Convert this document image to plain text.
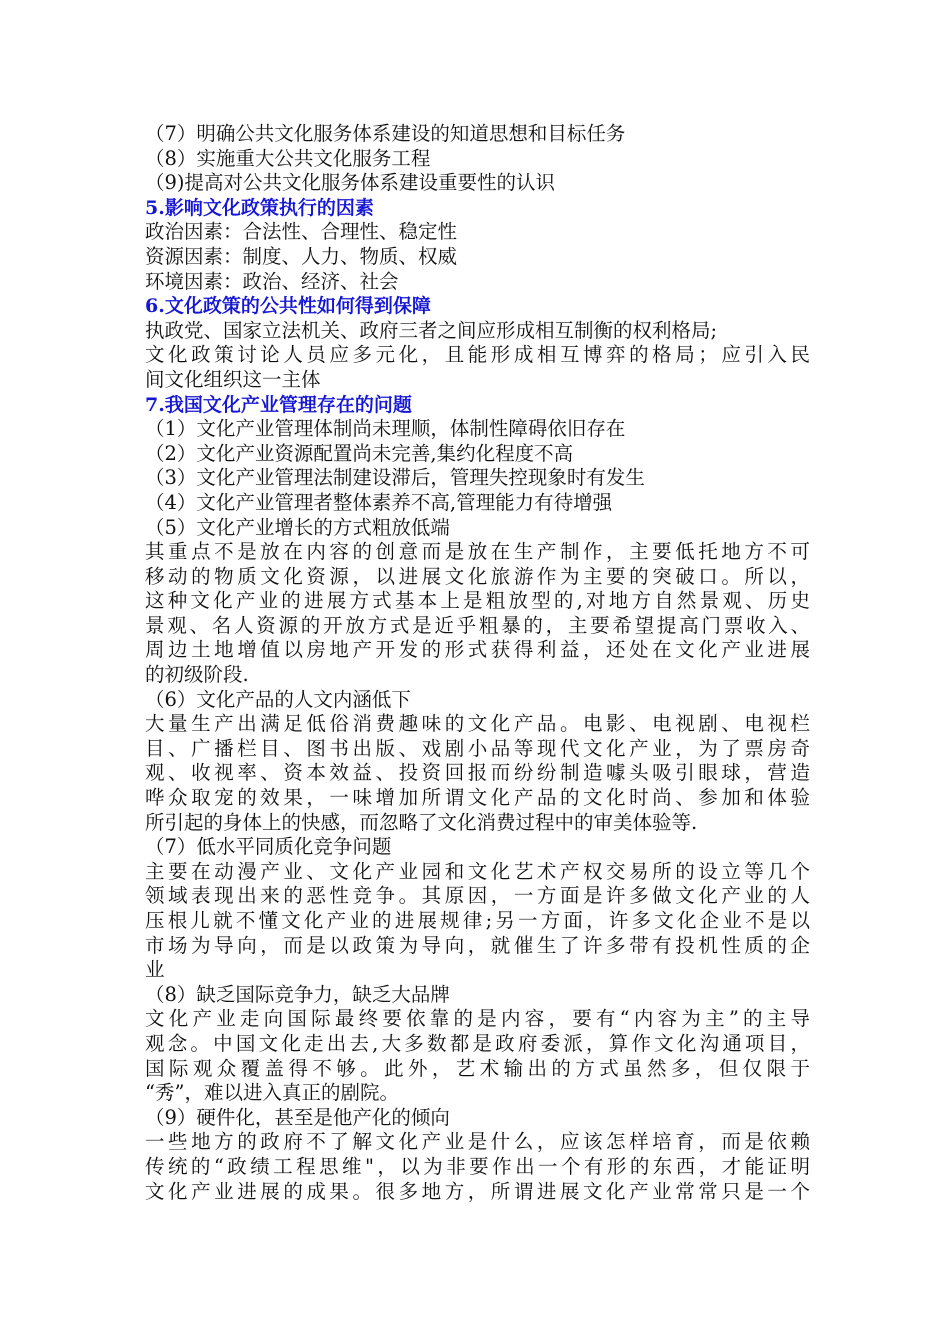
（7）明确公共文化服务体系建设的知道思想和目标任务
（8）实施重大公共文化服务工程
（9)提高对公共文化服务体系建设重要性的认识
5.影响文化政策执行的因素
政治因素：合法性、合理性、稳定性
资源因素：制度、人力、物质、权威
环境因素：政治、经济、社会
6.文化政策的公共性如何得到保障
执政党、国家立法机关、政府三者之间应形成相互制衡的权利格局;
文化政策讨论人员应多元化，且能形成相互博弈的格局；应引入民
间文化组织这一主体
7.我国文化产业管理存在的问题
（1）文化产业管理体制尚未理顺，体制性障碍依旧存在
（2）文化产业资源配置尚未完善,集约化程度不高
（3）文化产业管理法制建设滞后，管理失控现象时有发生
（4）文化产业管理者整体素养不高,管理能力有待增强
（5）文化产业增长的方式粗放低端
其重点不是放在内容的创意而是放在生产制作，主要低托地方不可
移动的物质文化资源，以进展文化旅游作为主要的突破口。所以，
这种文化产业的进展方式基本上是粗放型的,对地方自然景观、历史
景观、名人资源的开放方式是近乎粗暴的，主要希望提高门票收入、
周边土地增值以房地产开发的形式获得利益，还处在文化产业进展
的初级阶段.
（6）文化产品的人文内涵低下
大量生产出满足低俗消费趣味的文化产品。电影、电视剧、电视栏
目、广播栏目、图书出版、戏剧小品等现代文化产业，为了票房奇
观、收视率、资本效益、投资回报而纷纷制造噱头吸引眼球，营造
哗众取宠的效果，一味增加所谓文化产品的文化时尚、参加和体验
所引起的身体上的快感，而忽略了文化消费过程中的审美体验等.
（7）低水平同质化竞争问题
主要在动漫产业、文化产业园和文化艺术产权交易所的设立等几个
领域表现出来的恶性竞争。其原因，一方面是许多做文化产业的人
压根儿就不懂文化产业的进展规律;另一方面，许多文化企业不是以
市场为导向，而是以政策为导向，就催生了许多带有投机性质的企
业
（8）缺乏国际竞争力，缺乏大品牌
文化产业走向国际最终要依靠的是内容，要有“内容为主”的主导
观念。中国文化走出去,大多数都是政府委派，算作文化沟通项目，
国际观众覆盖得不够。此外，艺术输出的方式虽然多，但仅限于
“秀”，难以进入真正的剧院。
（9）硬件化，甚至是他产化的倾向
一些地方的政府不了解文化产业是什么，应该怎样培育，而是依赖
传统的“政绩工程思维"，以为非要作出一个有形的东西，才能证明
文化产业进展的成果。很多地方，所谓进展文化产业常常只是一个
